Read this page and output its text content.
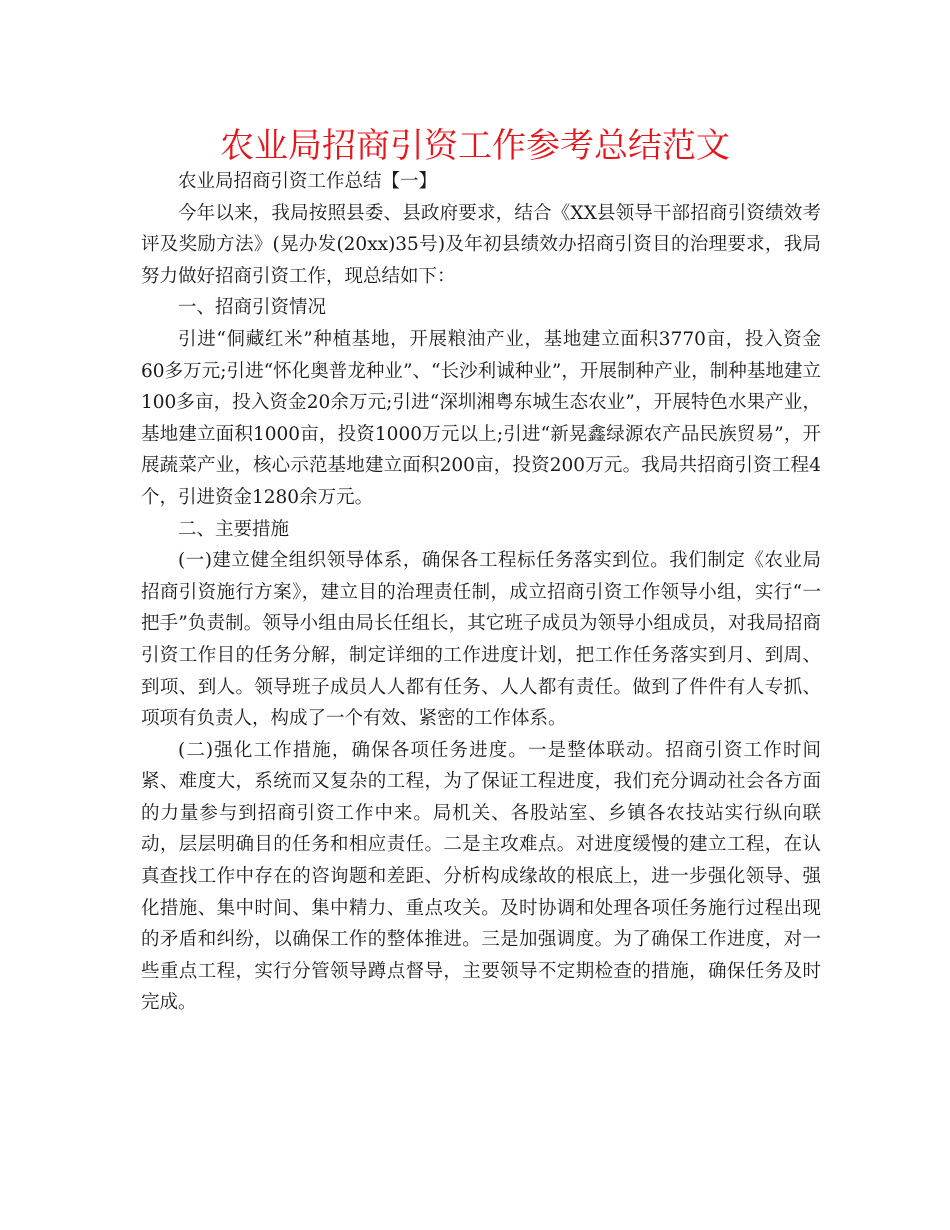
农业局招商引资工作参考总结范文

农业局招商引资工作总结【一】

今年以来，我局按照县委、县政府要求，结合《XX县领导干部招商引资绩效考评及奖励方法》(晃办发(20xx)35号)及年初县绩效办招商引资目的治理要求，我局努力做好招商引资工作，现总结如下：

一、招商引资情况

引进“侗藏红米”种植基地，开展粮油产业，基地建立面积3770亩，投入资金60多万元;引进“怀化奥普龙种业”、“长沙利诚种业”，开展制种产业，制种基地建立100多亩，投入资金20余万元;引进“深圳湘粤东城生态农业”，开展特色水果产业，基地建立面积1000亩，投资1000万元以上;引进“新晃鑫绿源农产品民族贸易”，开展蔬菜产业，核心示范基地建立面积200亩，投资200万元。我局共招商引资工程4个，引进资金1280余万元。

二、主要措施

(一)建立健全组织领导体系，确保各工程标任务落实到位。我们制定《农业局招商引资施行方案》，建立目的治理责任制，成立招商引资工作领导小组，实行“一把手”负责制。领导小组由局长任组长，其它班子成员为领导小组成员，对我局招商引资工作目的任务分解，制定详细的工作进度计划，把工作任务落实到月、到周、到项、到人。领导班子成员人人都有任务、人人都有责任。做到了件件有人专抓、项项有负责人，构成了一个有效、紧密的工作体系。

(二)强化工作措施，确保各项任务进度。一是整体联动。招商引资工作时间紧、难度大，系统而又复杂的工程，为了保证工程进度，我们充分调动社会各方面的力量参与到招商引资工作中来。局机关、各股站室、乡镇各农技站实行纵向联动，层层明确目的任务和相应责任。二是主攻难点。对进度缓慢的建立工程，在认真查找工作中存在的咨询题和差距、分析构成缘故的根底上，进一步强化领导、强化措施、集中时间、集中精力、重点攻关。及时协调和处理各项任务施行过程出现的矛盾和纠纷，以确保工作的整体推进。三是加强调度。为了确保工作进度，对一些重点工程，实行分管领导蹲点督导，主要领导不定期检查的措施，确保任务及时完成。
